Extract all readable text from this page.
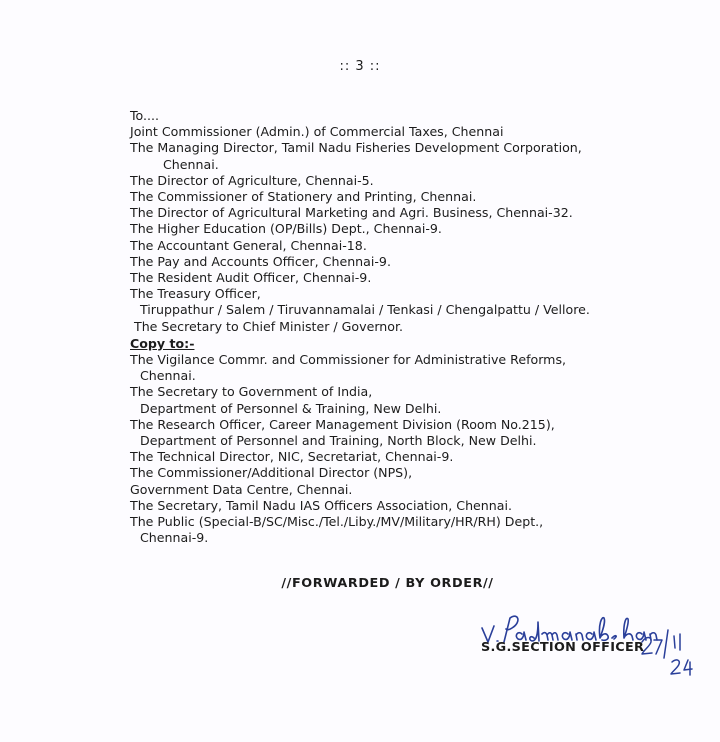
:: 3 ::
To....
Joint Commissioner (Admin.) of Commercial Taxes, Chennai
The Managing Director, Tamil Nadu Fisheries Development Corporation,
Chennai.
The Director of Agriculture, Chennai-5.
The Commissioner of Stationery and Printing, Chennai.
The Director of Agricultural Marketing and Agri. Business, Chennai-32.
The Higher Education (OP/Bills) Dept., Chennai-9.
The Accountant General, Chennai-18.
The Pay and Accounts Officer, Chennai-9.
The Resident Audit Officer, Chennai-9.
The Treasury Officer,
Tiruppathur / Salem / Tiruvannamalai / Tenkasi / Chengalpattu / Vellore.
The Secretary to Chief Minister / Governor.
Copy to:-
The Vigilance Commr. and Commissioner for Administrative Reforms,
Chennai.
The Secretary to Government of India,
Department of Personnel & Training, New Delhi.
The Research Officer, Career Management Division (Room No.215),
Department of Personnel and Training, North Block, New Delhi.
The Technical Director, NIC, Secretariat, Chennai-9.
The Commissioner/Additional Director (NPS),
Government Data Centre, Chennai.
The Secretary, Tamil Nadu IAS Officers Association, Chennai.
The Public (Special-B/SC/Misc./Tel./Liby./MV/Military/HR/RH) Dept.,
Chennai-9.
//FORWARDED / BY ORDER//
S.G.SECTION OFFICER
